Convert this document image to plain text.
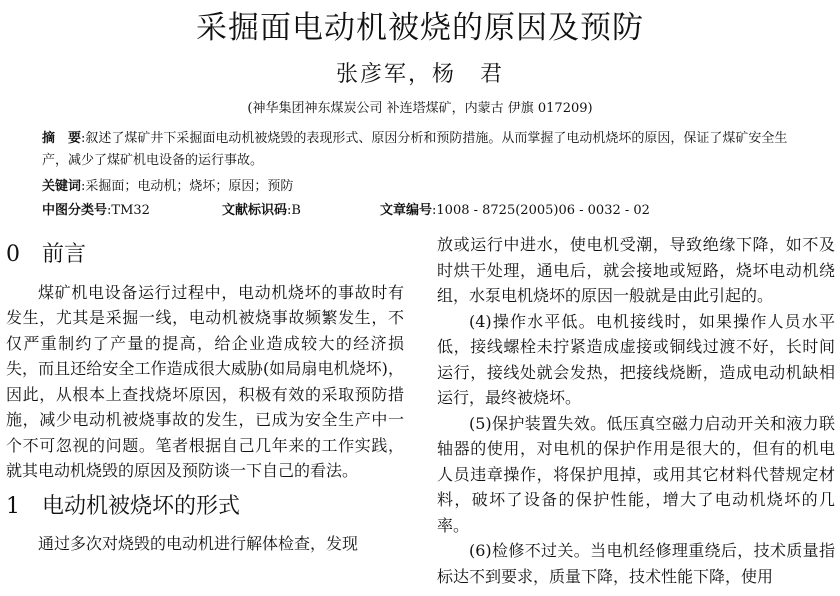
采掘面电动机被烧的原因及预防
张彦军，杨　君
(神华集团神东煤炭公司 补连塔煤矿，内蒙古 伊旗 017209)
摘　要:叙述了煤矿井下采掘面电动机被烧毁的表现形式、原因分析和预防措施。从而掌握了电动机烧坏的原因，保证了煤矿安全生产，减少了煤矿机电设备的运行事故。
关键词:采掘面；电动机；烧坏；原因；预防
中图分类号:TM32	文献标识码:B	文章编号:1008 - 8725(2005)06 - 0032 - 02
0 前言

煤矿机电设备运行过程中，电动机烧坏的事故时有发生，尤其是采掘一线，电动机被烧事故频繁发生，不仅严重制约了产量的提高，给企业造成较大的经济损失，而且还给安全工作造成很大威胁(如局扇电机烧坏)，因此，从根本上查找烧坏原因，积极有效的采取预防措施，减少电动机被烧事故的发生，已成为安全生产中一个不可忽视的问题。笔者根据自己几年来的工作实践，就其电动机烧毁的原因及预防谈一下自己的看法。

1 电动机被烧坏的形式

通过多次对烧毁的电动机进行解体检查，发现

放或运行中进水，使电机受潮，导致绝缘下降，如不及时烘干处理，通电后，就会接地或短路，烧坏电动机绕组，水泵电机烧坏的原因一般就是由此引起的。

(4)操作水平低。电机接线时，如果操作人员水平低，接线螺栓未拧紧造成虚接或铜线过渡不好，长时间运行，接线处就会发热，把接线烧断，造成电动机缺相运行，最终被烧坏。

(5)保护装置失效。低压真空磁力启动开关和液力联轴器的使用，对电机的保护作用是很大的，但有的机电人员违章操作，将保护甩掉，或用其它材料代替规定材料，破坏了设备的保护性能，增大了电动机烧坏的几率。

(6)检修不过关。当电机经修理重绕后，技术质量指标达不到要求，质量下降，技术性能下降，使用
